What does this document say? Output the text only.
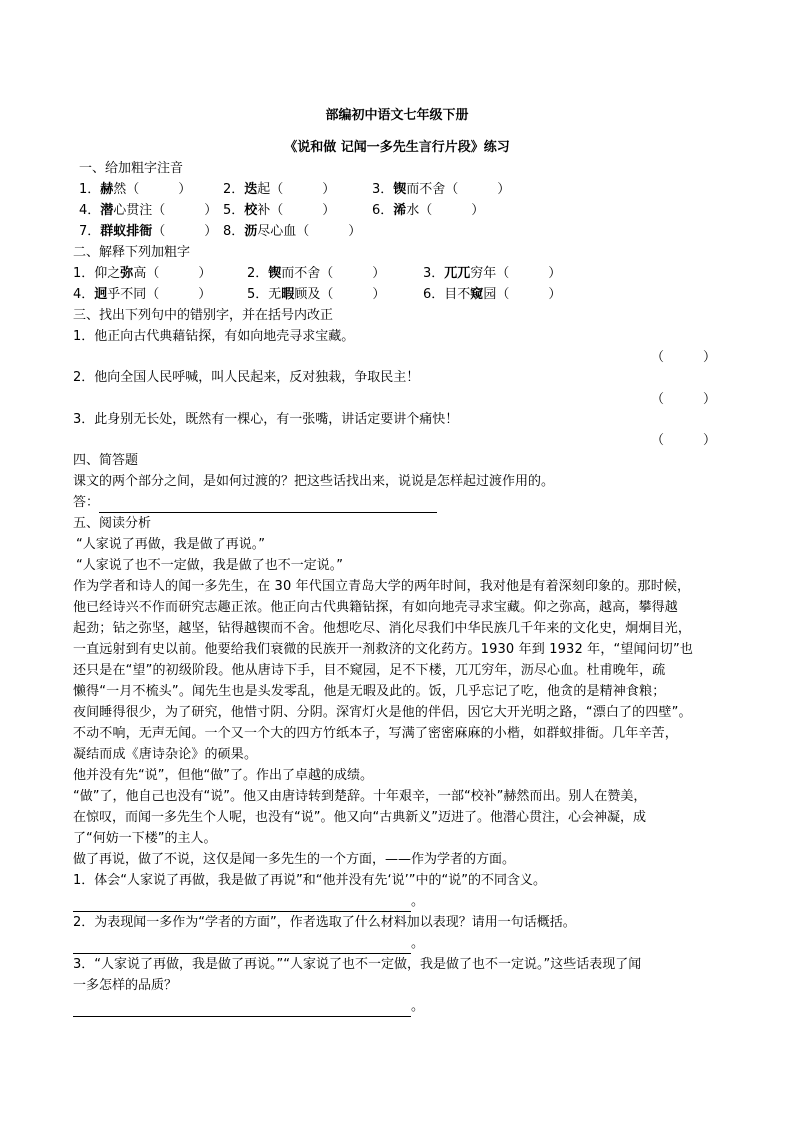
部编初中语文七年级下册
《说和做 记闻一多先生言行片段》练习
一、给加粗字注音
1．赫然（　　　） 2．迭起（　　　）	3．锲而不舍（　　　）
4．潜心贯注（　　　） 5．校补（　　　）	6．浠水（　　　）
7．群蚁排衙（　　　） 8．沥尽心血（　　　）
二、解释下列加粗字
1．仰之弥高（　　　）	2．锲而不舍（　　　）	3．兀兀穷年（　　　）
4．迥乎不同（　　　）	5．无暇顾及（　　　）	6．目不窥园（　　　）
三、找出下列句中的错别字，并在括号内改正
1．他正向古代典藉钻探，有如向地壳寻求宝藏。
（　　　）
2．他向全国人民呼喊，叫人民起来，反对独栽，争取民主！
（　　　）
3．此身别无长处，既然有一棵心，有一张嘴，讲话定要讲个痛快！
（　　　）
四、简答题
课文的两个部分之间，是如何过渡的？把这些话找出来，说说是怎样起过渡作用的。
答：
五、阅读分析
“人家说了再做，我是做了再说。”
“人家说了也不一定做，我是做了也不一定说。”
作为学者和诗人的闻一多先生，在 30 年代国立青岛大学的两年时间，我对他是有着深刻印象的。那时候，
他已经诗兴不作而研究志趣正浓。他正向古代典籍钻探，有如向地壳寻求宝藏。仰之弥高，越高，攀得越
起劲；钻之弥坚，越坚，钻得越锲而不舍。他想吃尽、消化尽我们中华民族几千年来的文化史，炯炯目光，
一直远射到有史以前。他要给我们衰微的民族开一剂救济的文化药方。1930 年到 1932 年，“望闻问切”也
还只是在“望”的初级阶段。他从唐诗下手，目不窥园，足不下楼，兀兀穷年，沥尽心血。杜甫晚年，疏
懒得“一月不梳头”。闻先生也是头发零乱，他是无暇及此的。饭，几乎忘记了吃，他贪的是精神食粮；
夜间睡得很少，为了研究，他惜寸阴、分阴。深宵灯火是他的伴侣，因它大开光明之路，“漂白了的四壁”。
不动不响，无声无闻。一个又一个大的四方竹纸本子，写满了密密麻麻的小楷，如群蚁排衙。几年辛苦，
凝结而成《唐诗杂论》的硕果。
他并没有先“说”，但他“做”了。作出了卓越的成绩。
“做”了，他自己也没有“说”。他又由唐诗转到楚辞。十年艰辛，一部“校补”赫然而出。别人在赞美，
在惊叹，而闻一多先生个人呢，也没有“说”。他又向“古典新义”迈进了。他潜心贯注，心会神凝，成
了“何妨一下楼”的主人。
做了再说，做了不说，这仅是闻一多先生的一个方面，——作为学者的方面。
1．体会“人家说了再做，我是做了再说”和“他并没有先‘说’”中的“说”的不同含义。
。
2．为表现闻一多作为“学者的方面”，作者选取了什么材料加以表现？请用一句话概括。
。
3．“人家说了再做，我是做了再说。”“人家说了也不一定做，我是做了也不一定说。”这些话表现了闻
一多怎样的品质？
。
